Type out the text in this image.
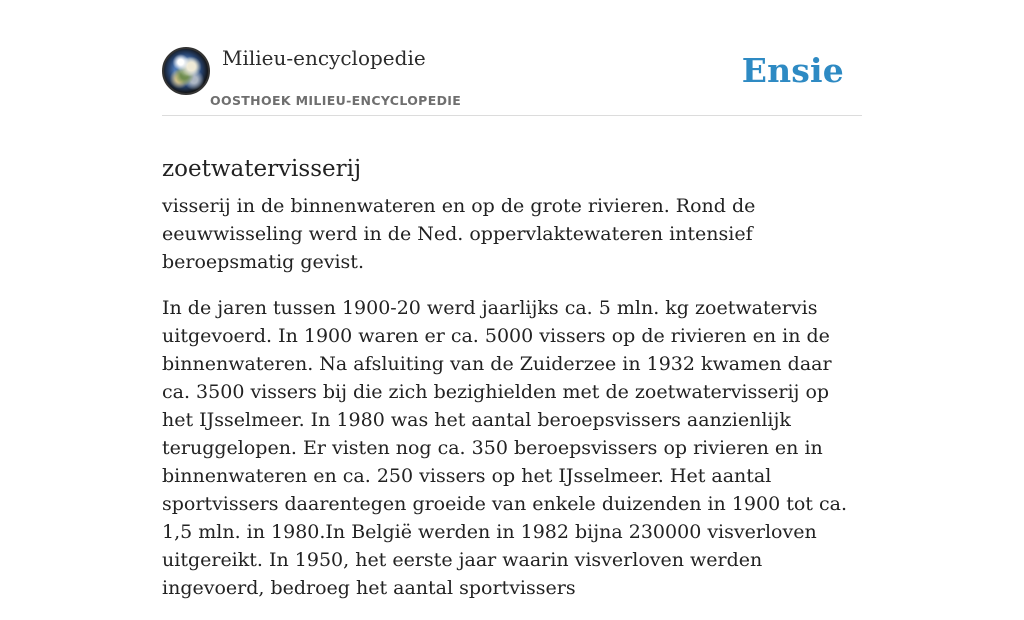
Milieu-encyclopedie
OOSTHOEK MILIEU-ENCYCLOPEDIE
Ensie
zoetwatervisserij

visserij in de binnenwateren en op de grote rivieren. Rond de eeuwwisseling werd in de Ned. oppervlaktewateren intensief beroepsmatig gevist.

In de jaren tussen 1900-20 werd jaarlijks ca. 5 mln. kg zoetwatervis uitgevoerd. In 1900 waren er ca. 5000 vissers op de rivieren en in de binnenwateren. Na afsluiting van de Zuiderzee in 1932 kwamen daar ca. 3500 vissers bij die zich bezighielden met de zoetwatervisserij op het IJsselmeer. In 1980 was het aantal beroepsvissers aanzienlijk teruggelopen. Er visten nog ca. 350 beroepsvissers op rivieren en in binnenwateren en ca. 250 vissers op het IJsselmeer. Het aantal sportvissers daarentegen groeide van enkele duizenden in 1900 tot ca. 1,5 mln. in 1980.In België werden in 1982 bijna 230000 visverloven uitgereikt. In 1950, het eerste jaar waarin visverloven werden ingevoerd, bedroeg het aantal sportvissers
